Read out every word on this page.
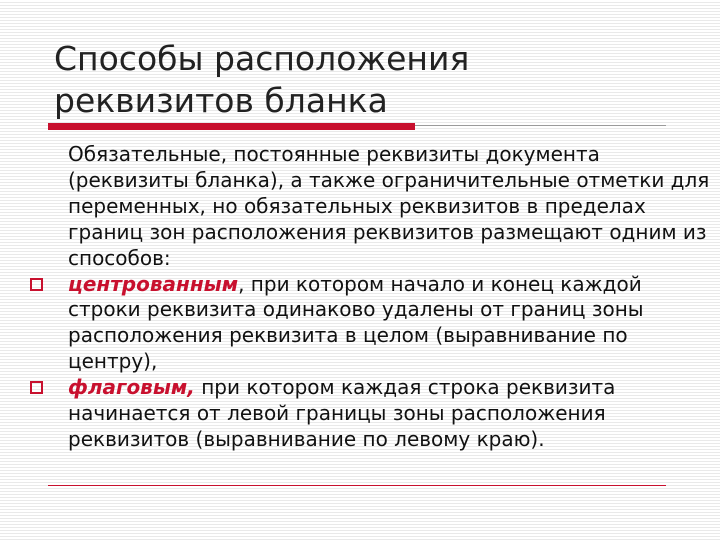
Способы расположения
реквизитов бланка
Обязательные, постоянные реквизиты документа (реквизиты бланка), а также ограничительные отметки для переменных, но обязательных реквизитов в пределах границ зон расположения реквизитов размещают одним из способов:
центрованным, при котором начало и конец каждой строки реквизита одинаково удалены от границ зоны расположения реквизита в целом (выравнивание по центру),
флаговым, при котором каждая строка реквизита начинается от левой границы зоны расположения реквизитов (выравнивание по левому краю).
